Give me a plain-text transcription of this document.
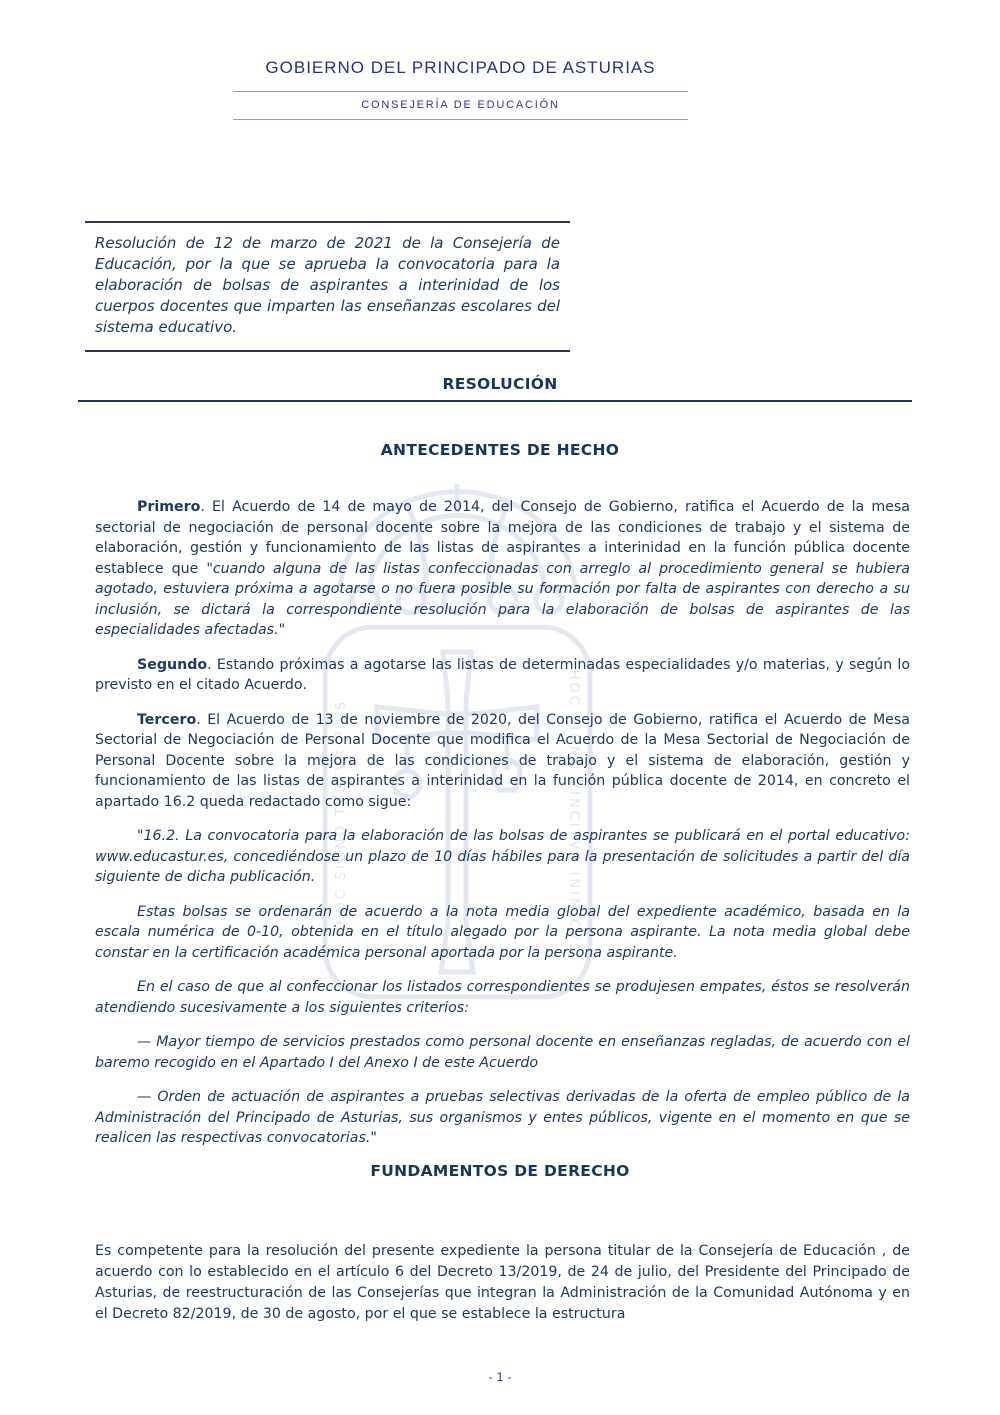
HOC SIGNO TVETVR PIVS	HOC SIGNO VINCITVR INIMICVS
GOBIERNO DEL PRINCIPADO DE ASTURIAS
CONSEJERÍA DE EDUCACIÓN
Resolución de 12 de marzo de 2021 de la Consejería de Educación, por la que se aprueba la convocatoria para la elaboración de bolsas de aspirantes a interinidad de los cuerpos docentes que imparten las enseñanzas escolares del sistema educativo.
RESOLUCIÓN
ANTECEDENTES DE HECHO

Primero. El Acuerdo de 14 de mayo de 2014, del Consejo de Gobierno, ratifica el Acuerdo de la mesa sectorial de negociación de personal docente sobre la mejora de las condiciones de trabajo y el sistema de elaboración, gestión y funcionamiento de las listas de aspirantes a interinidad en la función pública docente establece que "cuando alguna de las listas confeccionadas con arreglo al procedimiento general se hubiera agotado, estuviera próxima a agotarse o no fuera posible su formación por falta de aspirantes con derecho a su inclusión, se dictará la correspondiente resolución para la elaboración de bolsas de aspirantes de las especialidades afectadas."

Segundo. Estando próximas a agotarse las listas de determinadas especialidades y/o materias, y según lo previsto en el citado Acuerdo.

Tercero. El Acuerdo de 13 de noviembre de 2020, del Consejo de Gobierno, ratifica el Acuerdo de Mesa Sectorial de Negociación de Personal Docente que modifica el Acuerdo de la Mesa Sectorial de Negociación de Personal Docente sobre la mejora de las condiciones de trabajo y el sistema de elaboración, gestión y funcionamiento de las listas de aspirantes a interinidad en la función pública docente de 2014, en concreto el apartado 16.2 queda redactado como sigue:

"16.2. La convocatoria para la elaboración de las bolsas de aspirantes se publicará en el portal educativo: www.educastur.es, concediéndose un plazo de 10 días hábiles para la presentación de solicitudes a partir del día siguiente de dicha publicación.

Estas bolsas se ordenarán de acuerdo a la nota media global del expediente académico, basada en la escala numérica de 0-10, obtenida en el título alegado por la persona aspirante. La nota media global debe constar en la certificación académica personal aportada por la persona aspirante.

En el caso de que al confeccionar los listados correspondientes se produjesen empates, éstos se resolverán atendiendo sucesivamente a los siguientes criterios:

— Mayor tiempo de servicios prestados como personal docente en enseñanzas regladas, de acuerdo con el baremo recogido en el Apartado I del Anexo I de este Acuerdo

— Orden de actuación de aspirantes a pruebas selectivas derivadas de la oferta de empleo público de la Administración del Principado de Asturias, sus organismos y entes públicos, vigente en el momento en que se realicen las respectivas convocatorias."

FUNDAMENTOS DE DERECHO

Es competente para la resolución del presente expediente la persona titular de la Consejería de Educación , de acuerdo con lo establecido en el artículo 6 del Decreto 13/2019, de 24 de julio, del Presidente del Principado de Asturias, de reestructuración de las Consejerías que integran la Administración de la Comunidad Autónoma y en el Decreto 82/2019, de 30 de agosto, por el que se establece la estructura

- 1 -
